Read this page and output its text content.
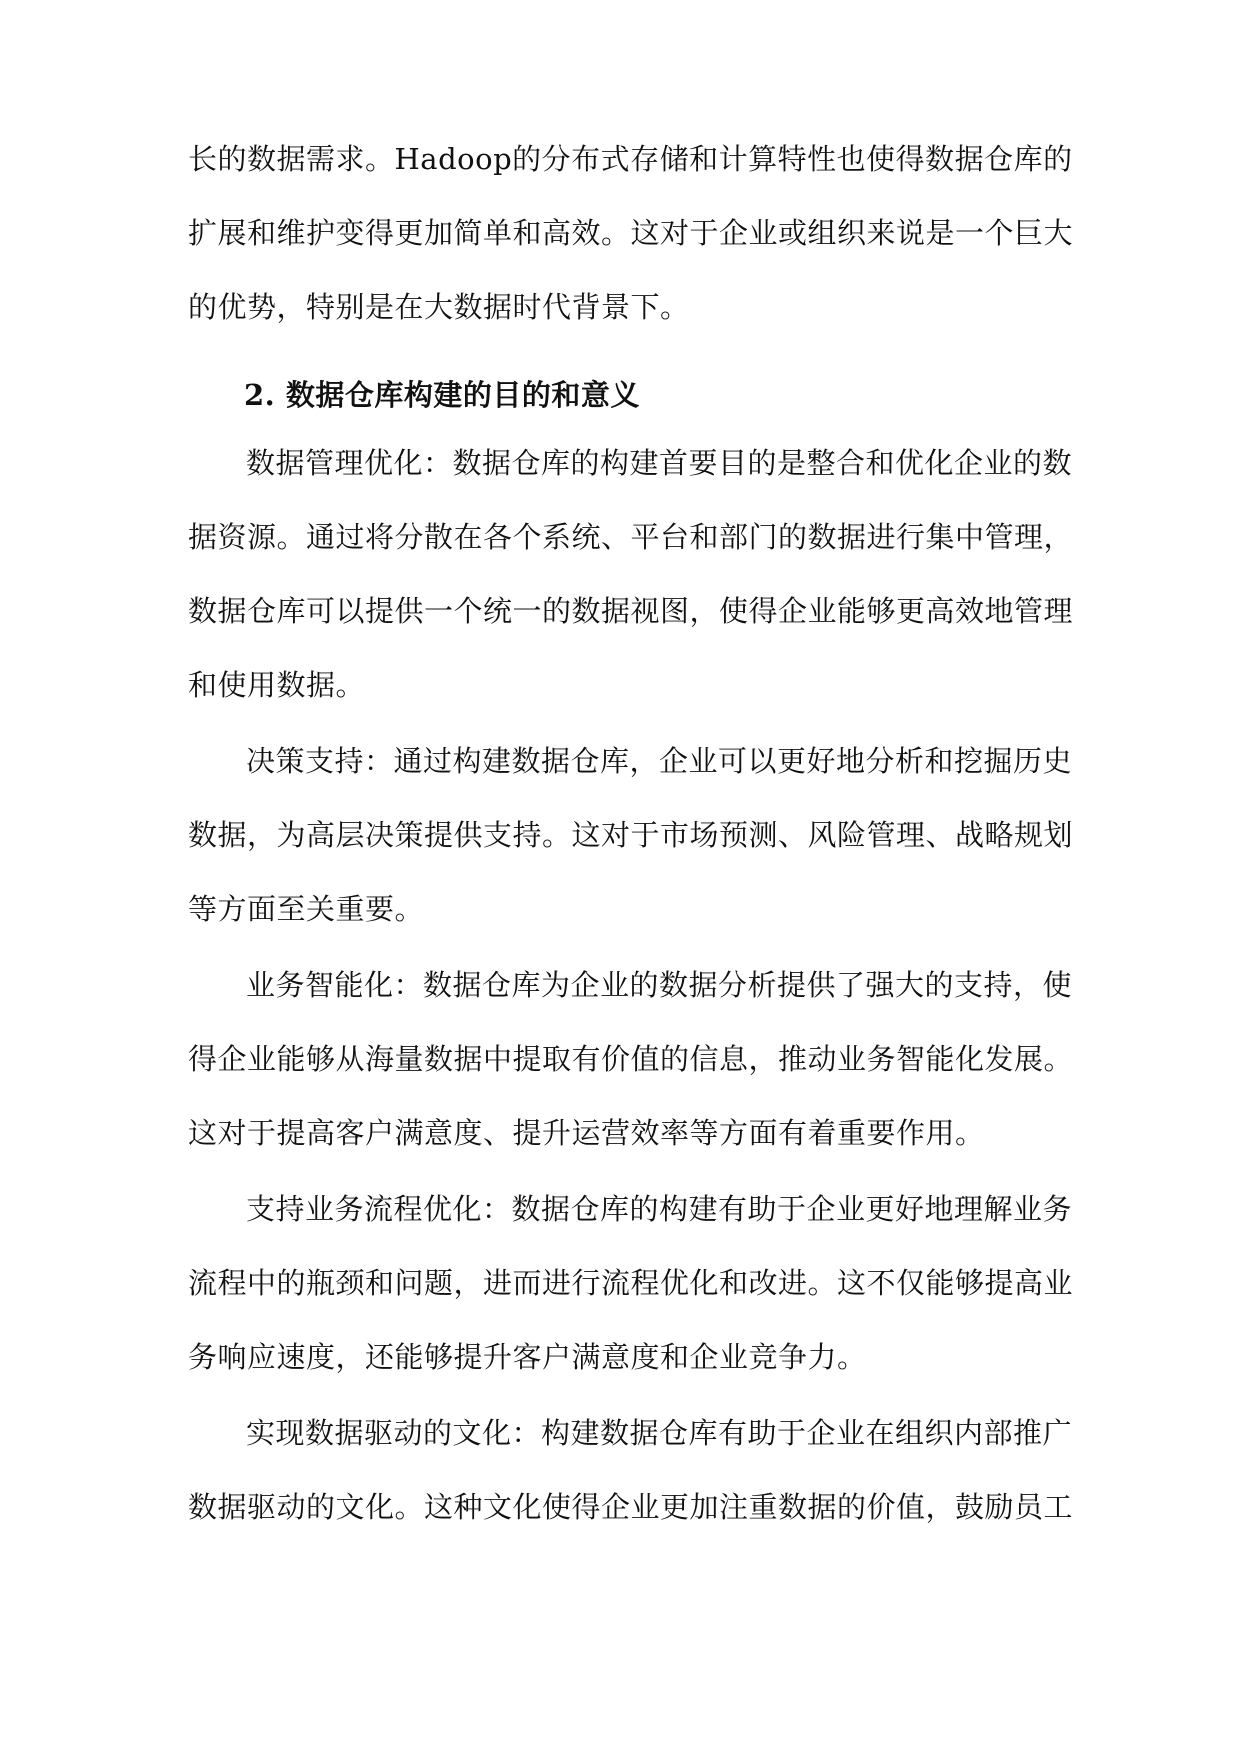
长的数据需求。Hadoop的分布式存储和计算特性也使得数据仓库的

扩展和维护变得更加简单和高效。这对于企业或组织来说是一个巨大

的优势，特别是在大数据时代背景下。

2. 数据仓库构建的目的和意义

数据管理优化：数据仓库的构建首要目的是整合和优化企业的数

据资源。通过将分散在各个系统、平台和部门的数据进行集中管理，

数据仓库可以提供一个统一的数据视图，使得企业能够更高效地管理

和使用数据。

决策支持：通过构建数据仓库，企业可以更好地分析和挖掘历史

数据，为高层决策提供支持。这对于市场预测、风险管理、战略规划

等方面至关重要。

业务智能化：数据仓库为企业的数据分析提供了强大的支持，使

得企业能够从海量数据中提取有价值的信息，推动业务智能化发展。

这对于提高客户满意度、提升运营效率等方面有着重要作用。

支持业务流程优化：数据仓库的构建有助于企业更好地理解业务

流程中的瓶颈和问题，进而进行流程优化和改进。这不仅能够提高业

务响应速度，还能够提升客户满意度和企业竞争力。

实现数据驱动的文化：构建数据仓库有助于企业在组织内部推广

数据驱动的文化。这种文化使得企业更加注重数据的价值，鼓励员工
